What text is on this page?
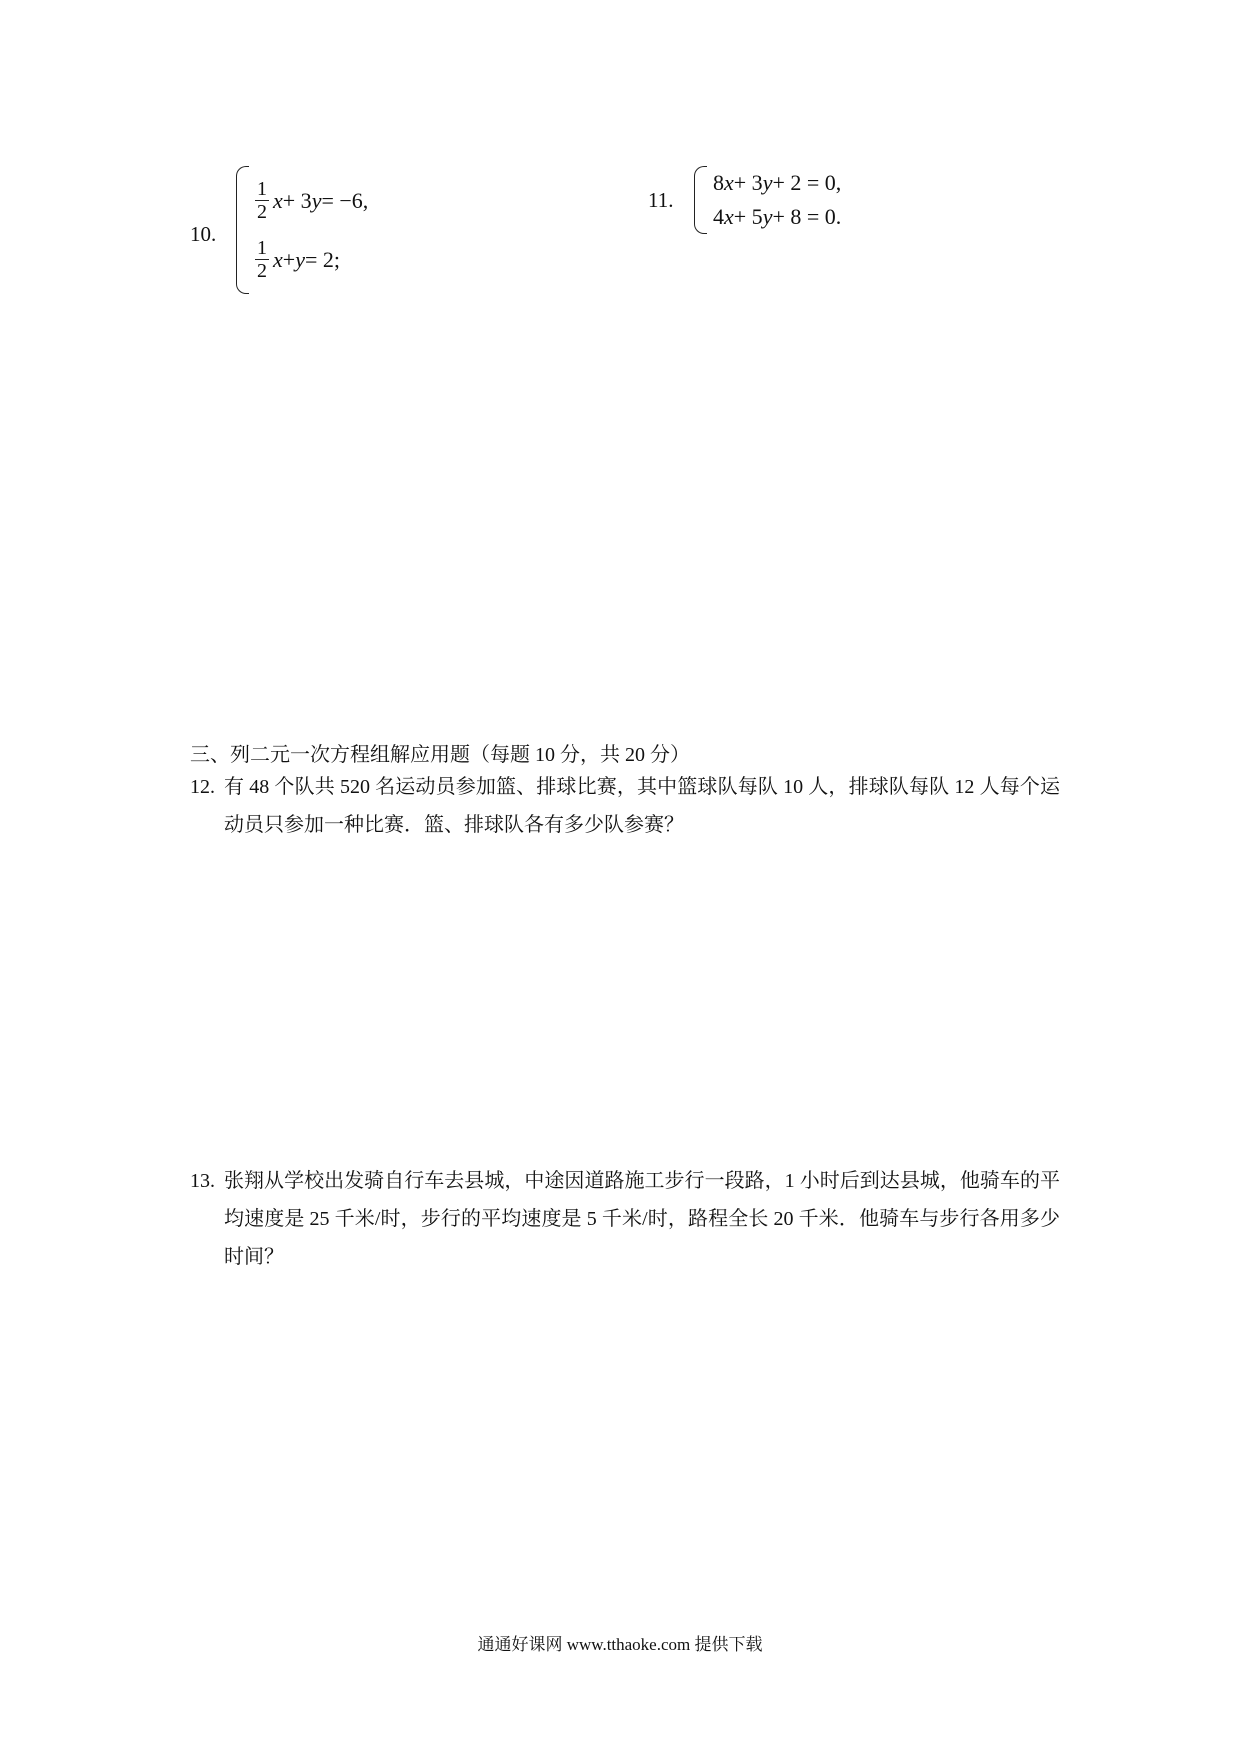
10.
$\frac{1}{2}$ x + 3 y = −6,
$\frac{1}{2}$ x + y = 2;
11.
8 x + 3 y + 2 = 0,
4 x + 5 y + 8 = 0.
三、列二元一次方程组解应用题（每题 10 分，共 20 分）
12. 有 48 个队共 520 名运动员参加篮、排球比赛，其中篮球队每队 10 人，排球队每队 12 人每个运动员只参加一种比赛．篮、排球队各有多少队参赛？
13. 张翔从学校出发骑自行车去县城，中途因道路施工步行一段路，1 小时后到达县城，他骑车的平均速度是 25 千米/时，步行的平均速度是 5 千米/时，路程全长 20 千米．他骑车与步行各用多少时间？
通通好课网 www.tthaoke.com 提供下载
